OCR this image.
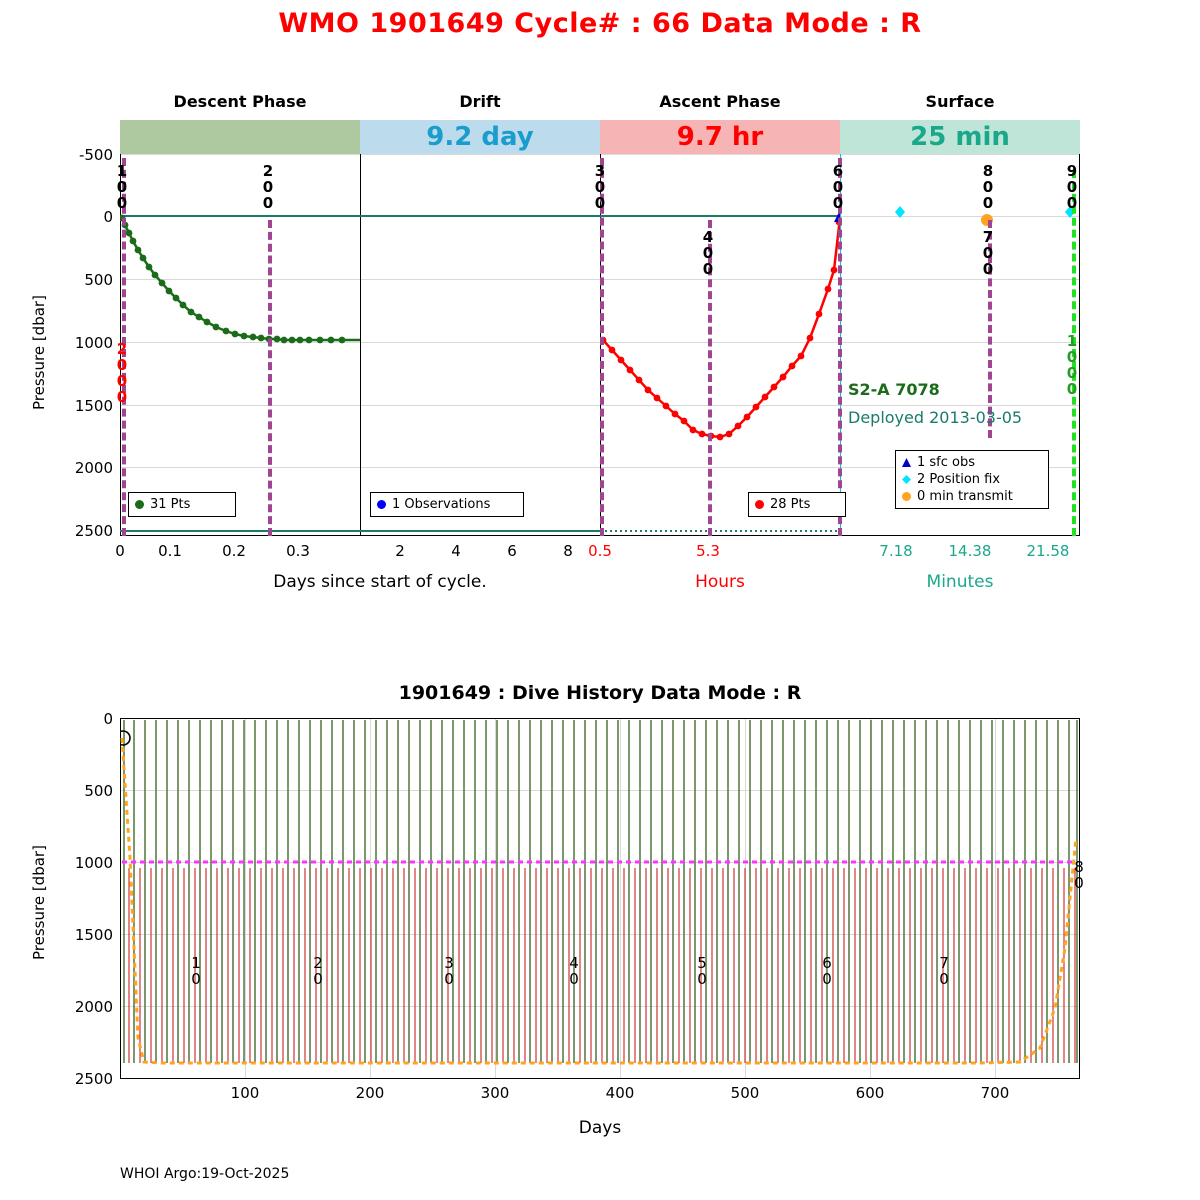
WMO 1901649 Cycle# : 66 Data Mode : R
Descent Phase	Drift	Ascent Phase	Surface
9.2 day	9.7 hr	25 min
-500
0
500
1000
1500
2000
2500
Pressure [dbar]
100	200	300
400
600
700
800	900
1000
2000	S2-A 7078
Deployed 2013-03-05
31 Pts	1 Observations	28 Pts
1 sfc obs
2 Position fix
0 min transmit
0	0.1	0.2	0.3	2	4	6	8	0.5	5.3	7.18	14.38	21.58
Days since start of cycle.	Hours	Minutes
1901649 : Dive History Data Mode : R
0
500
1000
1500
2000
2500
Pressure [dbar]
10	20	30	40	50	60	70
80
100	200	300	400	500	600	700
Days
WHOI Argo:19-Oct-2025
